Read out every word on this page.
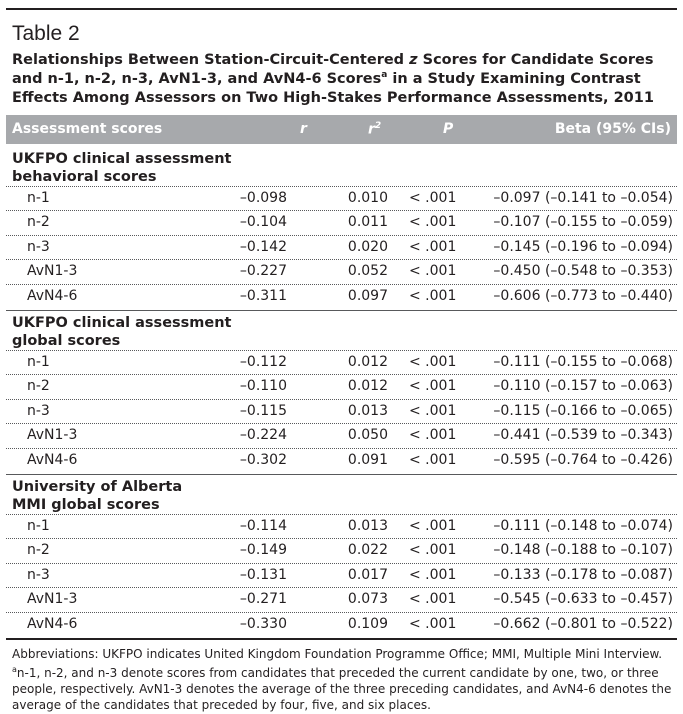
Table 2
Relationships Between Station-Circuit-Centered z Scores for Candidate Scores and n-1, n-2, n-3, AvN1-3, and AvN4-6 Scores$^a$ in a Study Examining Contrast Effects Among Assessors on Two High-Stakes Performance Assessments, 2011
Assessment scores	r	$r^2$	P	Beta (95% CIs)
UKFPO clinical assessment
behavioral scores
n-1	–0.098	0.010 < .001	–0.097 (–0.141 to –0.054)
n-2	–0.104	0.011 < .001	–0.107 (–0.155 to –0.059)
n-3	–0.142	0.020 < .001	–0.145 (–0.196 to –0.094)
AvN1-3	–0.227	0.052 < .001	–0.450 (–0.548 to –0.353)
AvN4-6	–0.311	0.097 < .001	–0.606 (–0.773 to –0.440)
UKFPO clinical assessment
global scores
n-1	–0.112	0.012 < .001	–0.111 (–0.155 to –0.068)
n-2	–0.110	0.012 < .001	–0.110 (–0.157 to –0.063)
n-3	–0.115	0.013 < .001	–0.115 (–0.166 to –0.065)
AvN1-3	–0.224	0.050 < .001	–0.441 (–0.539 to –0.343)
AvN4-6	–0.302	0.091 < .001	–0.595 (–0.764 to –0.426)
University of Alberta
MMI global scores
n-1	–0.114	0.013 < .001	–0.111 (–0.148 to –0.074)
n-2	–0.149	0.022 < .001	–0.148 (–0.188 to –0.107)
n-3	–0.131	0.017 < .001	–0.133 (–0.178 to –0.087)
AvN1-3	–0.271	0.073 < .001	–0.545 (–0.633 to –0.457)
AvN4-6	–0.330	0.109 < .001	–0.662 (–0.801 to –0.522)
Abbreviations: UKFPO indicates United Kingdom Foundation Programme Office; MMI, Multiple Mini Interview.
$^a$n-1, n-2, and n-3 denote scores from candidates that preceded the current candidate by one, two, or three people, respectively. AvN1-3 denotes the average of the three preceding candidates, and AvN4-6 denotes the average of the candidates that preceded by four, five, and six places.
